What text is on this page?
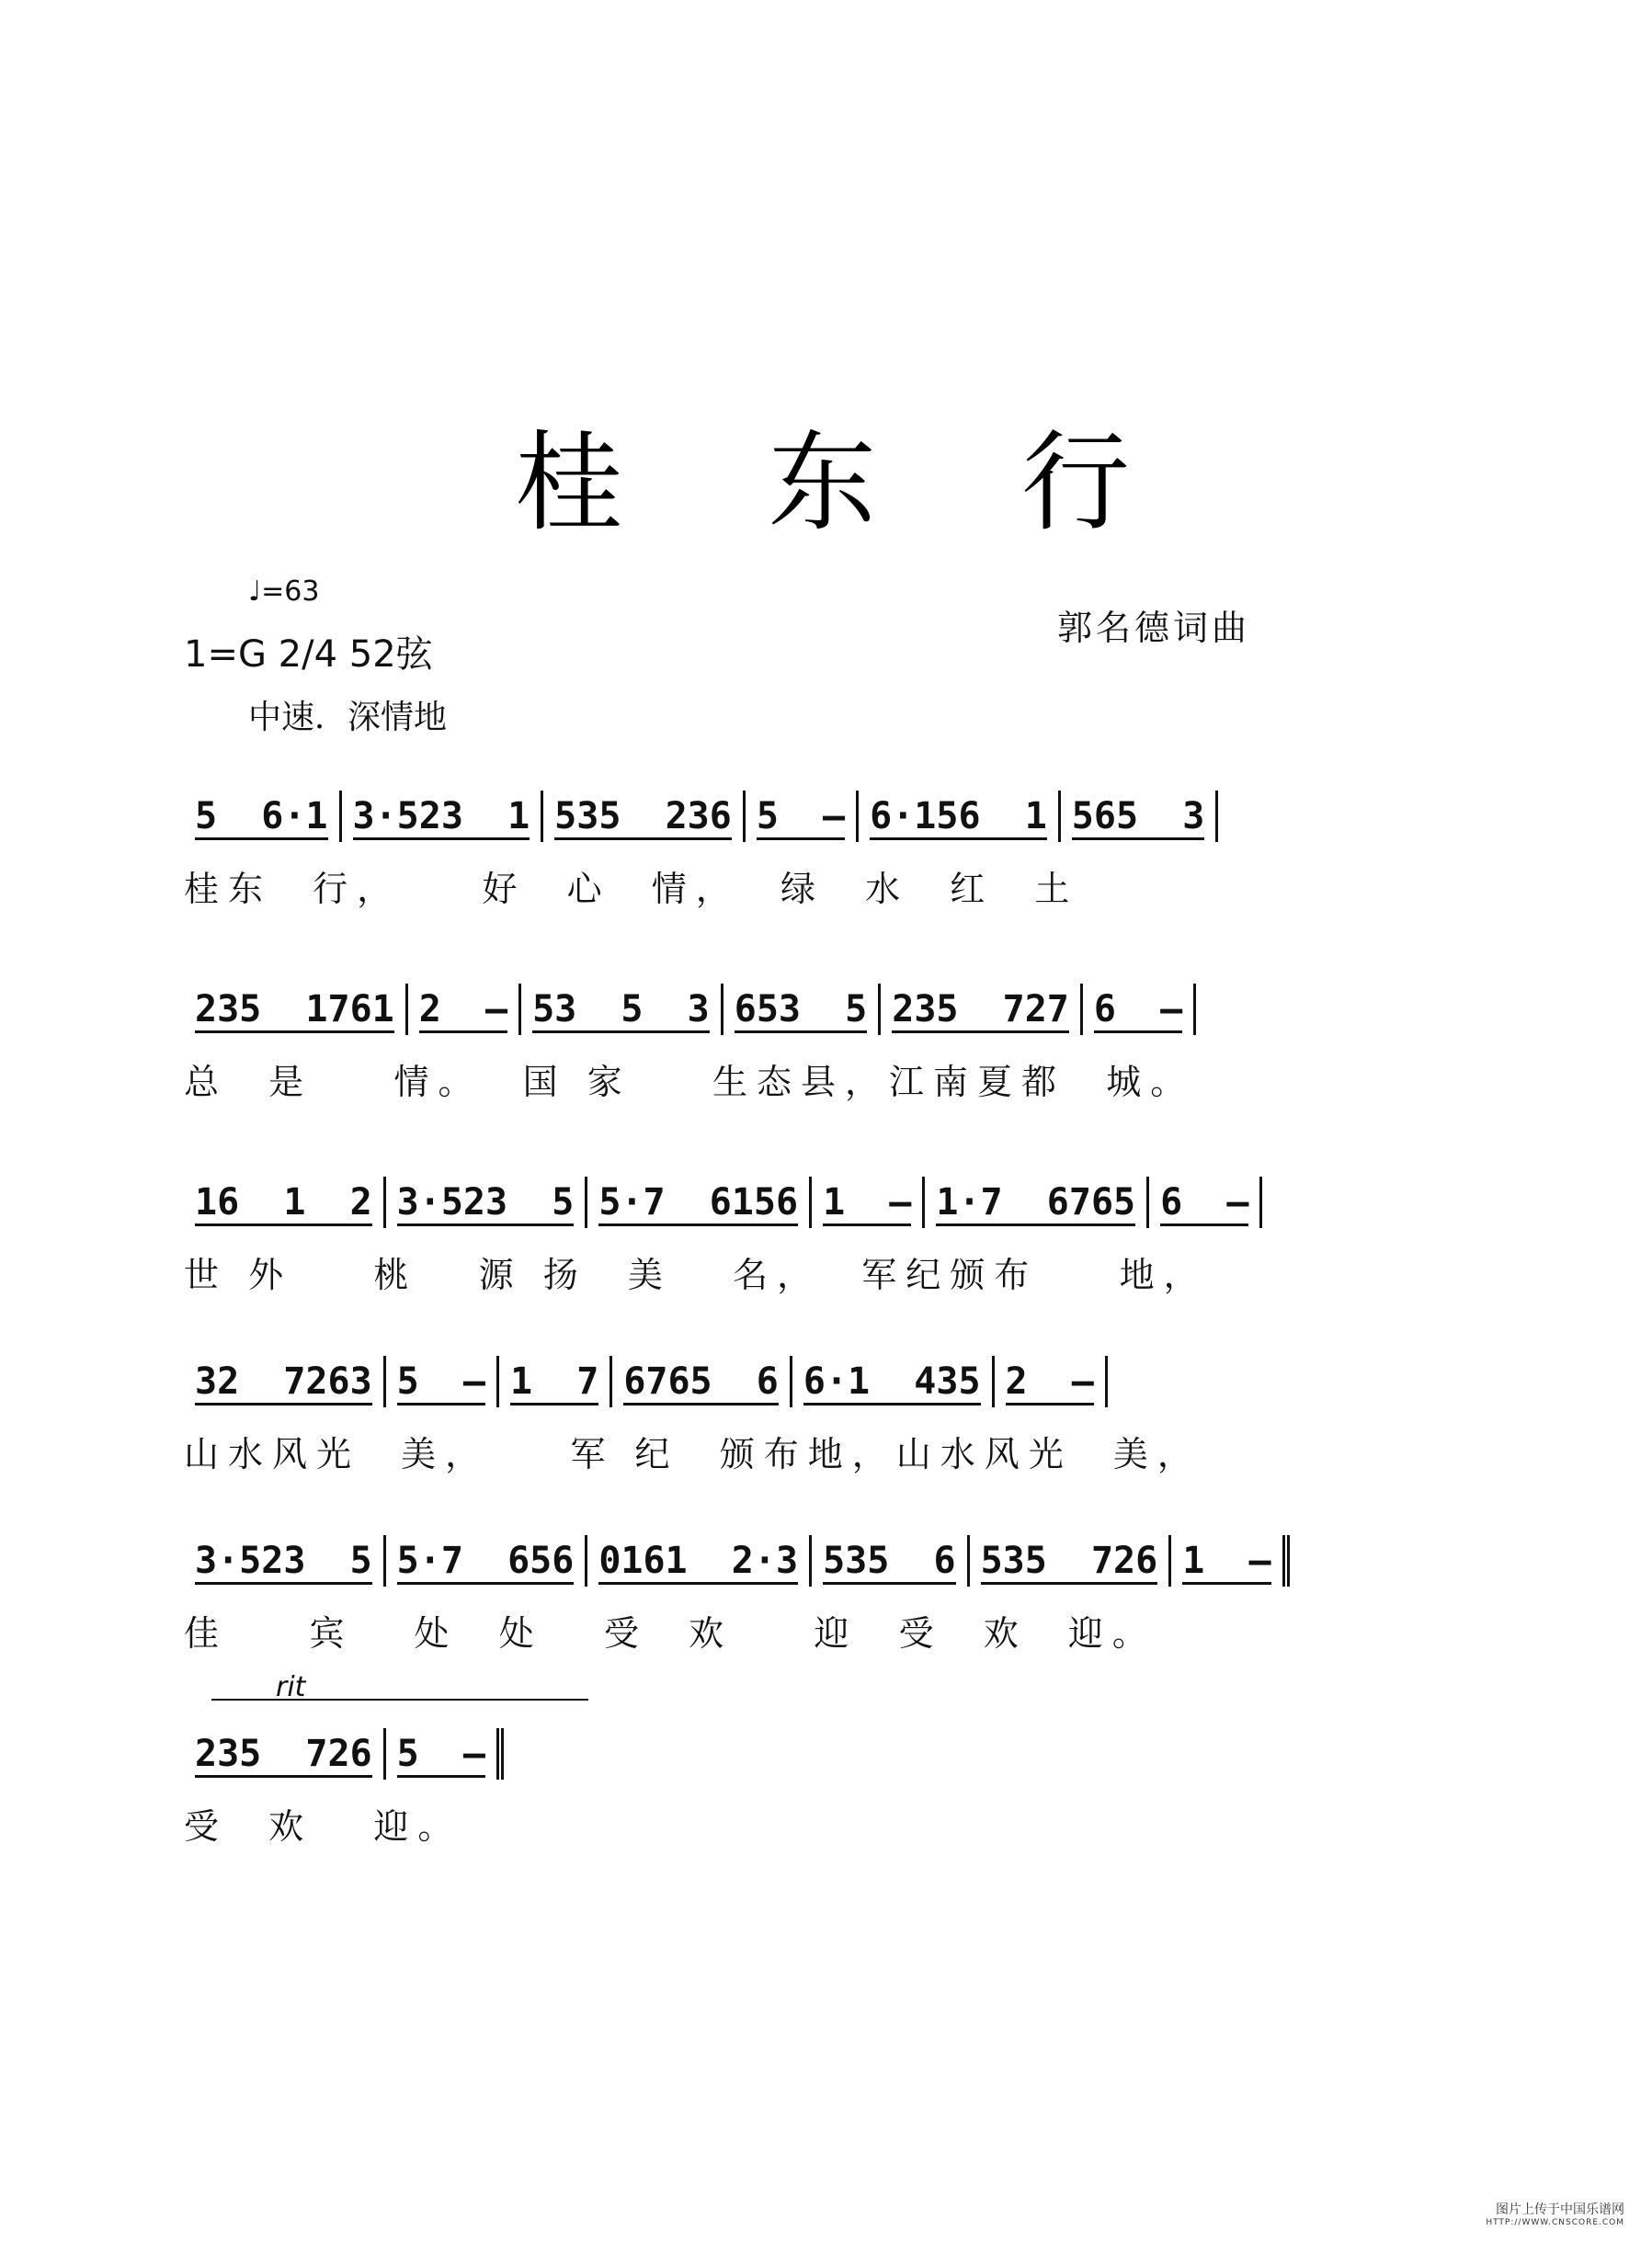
桂 东 行
♩=63
1=G 2/4 52弦
中速．深情地
郭名德词曲
5  6·1 3·523  1 535  236 5  — 6·156  1 565  3
桂东  行，    好  心  情，  绿  水  红  土
235  1761 2  — 53  5  3 653  5 235  727 6  —
总  是    情。  国 家    生态县，江南夏都  城。
16  1  2 3·523  5 5·7  6156 1  — 1·7  6765 6  —
世 外    桃   源 扬  美   名，  军纪颁布    地，
32  7263 5  — 1  7 6765  6 6·1  435 2  —
山水风光  美，    军 纪  颁布地，山水风光  美，
3·523  5 5·7  656 0161  2·3 535  6 535  726 1  —
佳    宾   处  处   受  欢    迎  受  欢  迎。
235  726 5  —
受  欢   迎。
rit
图片上传于中国乐谱网
HTTP://WWW.CNSCORE.COM
